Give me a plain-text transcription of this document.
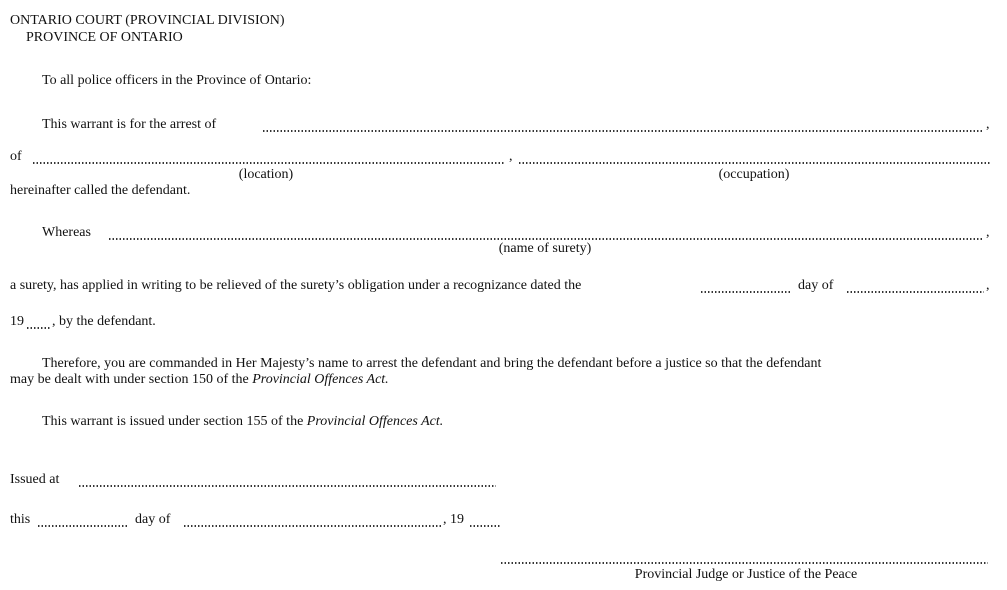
ONTARIO COURT (PROVINCIAL DIVISION)
PROVINCE OF ONTARIO
To all police officers in the Province of Ontario:
This warrant is for the arrest of	,
of	,
(location)	(occupation)
hereinafter called the defendant.
Whereas	,
(name of surety)
a surety, has applied in writing to be relieved of the surety’s obligation under a recognizance dated the	day of	,
19 , by the defendant.
Therefore, you are commanded in Her Majesty’s name to arrest the defendant and bring the defendant before a justice so that the defendant
may be dealt with under section 150 of the Provincial Offences Act.
This warrant is issued under section 155 of the Provincial Offences Act.
Issued at
this	day of	, 19
Provincial Judge or Justice of the Peace
